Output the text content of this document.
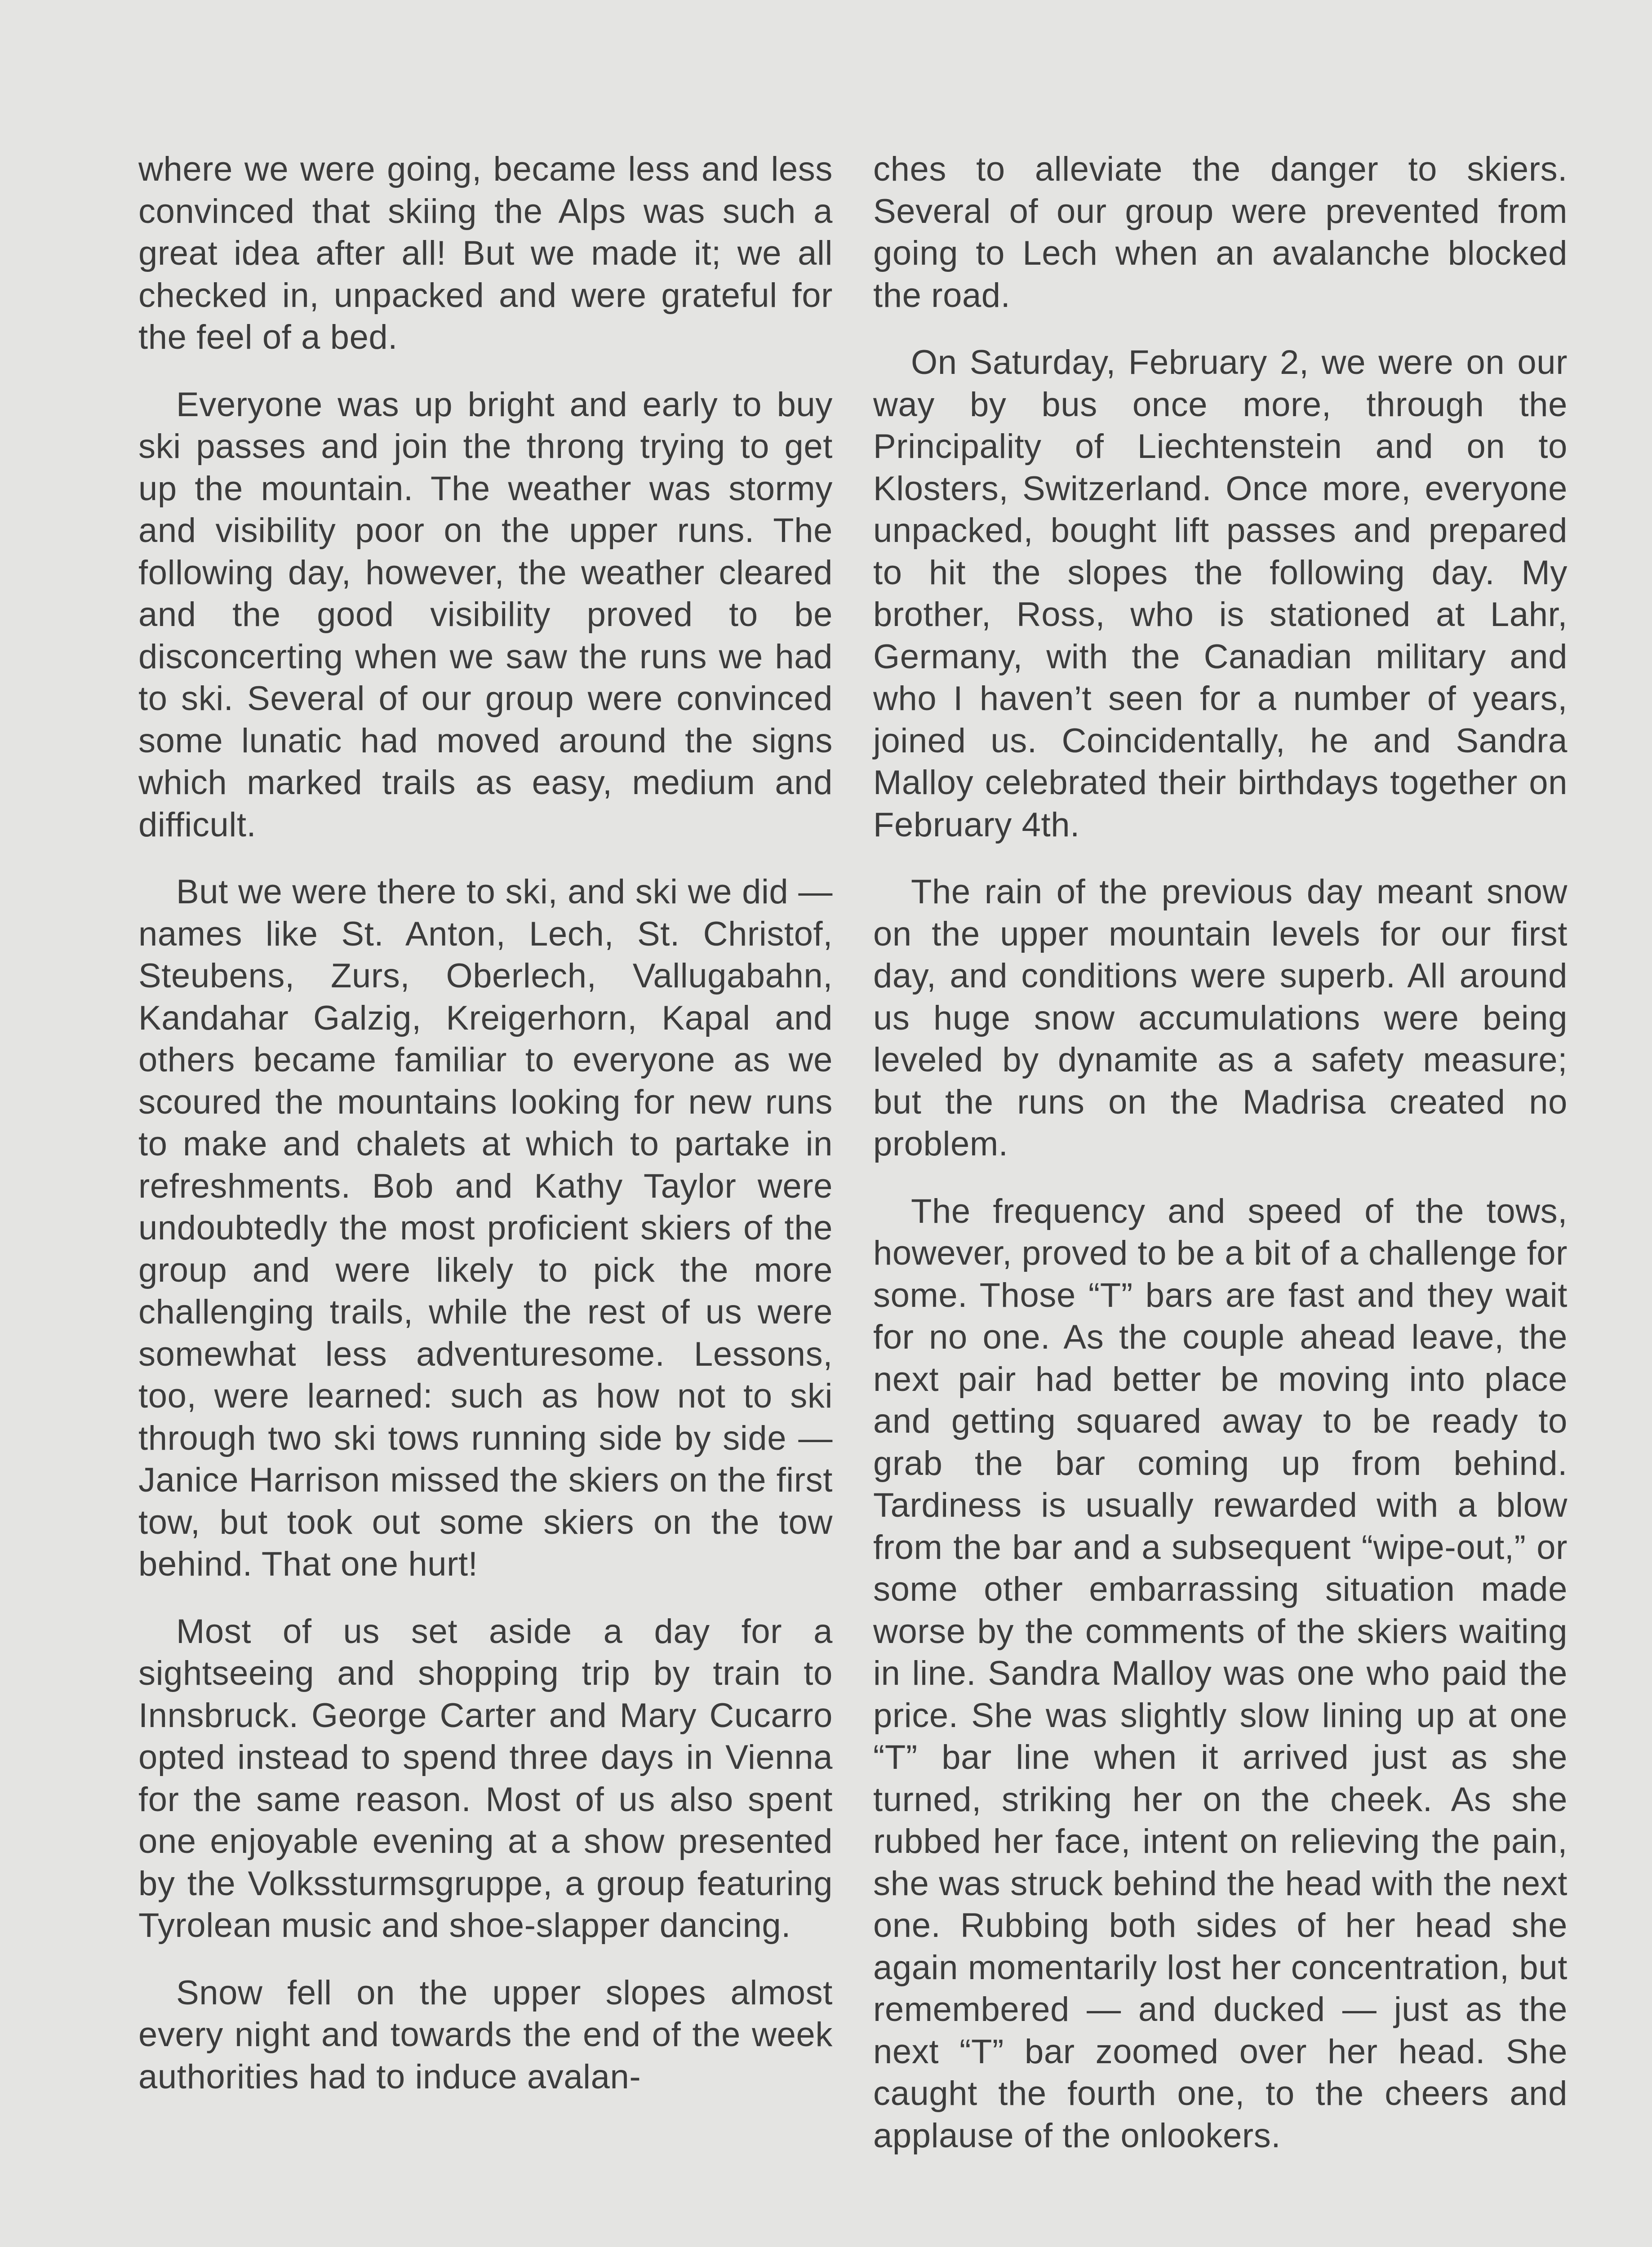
where we were going, became less and less convinced that skiing the Alps was such a great idea after all! But we made it; we all checked in, unpacked and were grateful for the feel of a bed.

Everyone was up bright and early to buy ski passes and join the throng trying to get up the mountain. The weather was stormy and visibility poor on the upper runs. The following day, however, the weather cleared and the good visibility proved to be disconcerting when we saw the runs we had to ski. Several of our group were convinced some lunatic had moved around the signs which marked trails as easy, medium and difficult.

But we were there to ski, and ski we did — names like St. Anton, Lech, St. Christof, Steubens, Zurs, Oberlech, Vallugabahn, Kandahar Galzig, Kreigerhorn, Kapal and others became familiar to everyone as we scoured the mountains looking for new runs to make and chalets at which to partake in refreshments. Bob and Kathy Taylor were undoubtedly the most proficient skiers of the group and were likely to pick the more challenging trails, while the rest of us were somewhat less adventuresome. Lessons, too, were learned: such as how not to ski through two ski tows running side by side — Janice Harrison missed the skiers on the first tow, but took out some skiers on the tow behind. That one hurt!

Most of us set aside a day for a sightseeing and shopping trip by train to Innsbruck. George Carter and Mary Cucarro opted instead to spend three days in Vienna for the same reason. Most of us also spent one enjoyable evening at a show presented by the Volkssturmsgruppe, a group featuring Tyrolean music and shoe-slapper dancing.

Snow fell on the upper slopes almost every night and towards the end of the week authorities had to induce avalan-

ches to alleviate the danger to skiers. Several of our group were prevented from going to Lech when an avalanche blocked the road.

On Saturday, February 2, we were on our way by bus once more, through the Principality of Liechtenstein and on to Klosters, Switzerland. Once more, everyone unpacked, bought lift passes and prepared to hit the slopes the following day. My brother, Ross, who is stationed at Lahr, Germany, with the Canadian military and who I haven’t seen for a number of years, joined us. Coincidentally, he and Sandra Malloy celebrated their birthdays together on February 4th.

The rain of the previous day meant snow on the upper mountain levels for our first day, and conditions were superb. All around us huge snow accumulations were being leveled by dynamite as a safety measure; but the runs on the Madrisa created no problem.

The frequency and speed of the tows, however, proved to be a bit of a challenge for some. Those “T” bars are fast and they wait for no one. As the couple ahead leave, the next pair had better be moving into place and getting squared away to be ready to grab the bar coming up from behind. Tardiness is usually rewarded with a blow from the bar and a subsequent “wipe-out,” or some other embarrassing situation made worse by the comments of the skiers waiting in line. Sandra Malloy was one who paid the price. She was slightly slow lining up at one “T” bar line when it arrived just as she turned, striking her on the cheek. As she rubbed her face, intent on relieving the pain, she was struck behind the head with the next one. Rubbing both sides of her head she again momentarily lost her concentration, but remembered — and ducked — just as the next “T” bar zoomed over her head. She caught the fourth one, to the cheers and applause of the onlookers.
